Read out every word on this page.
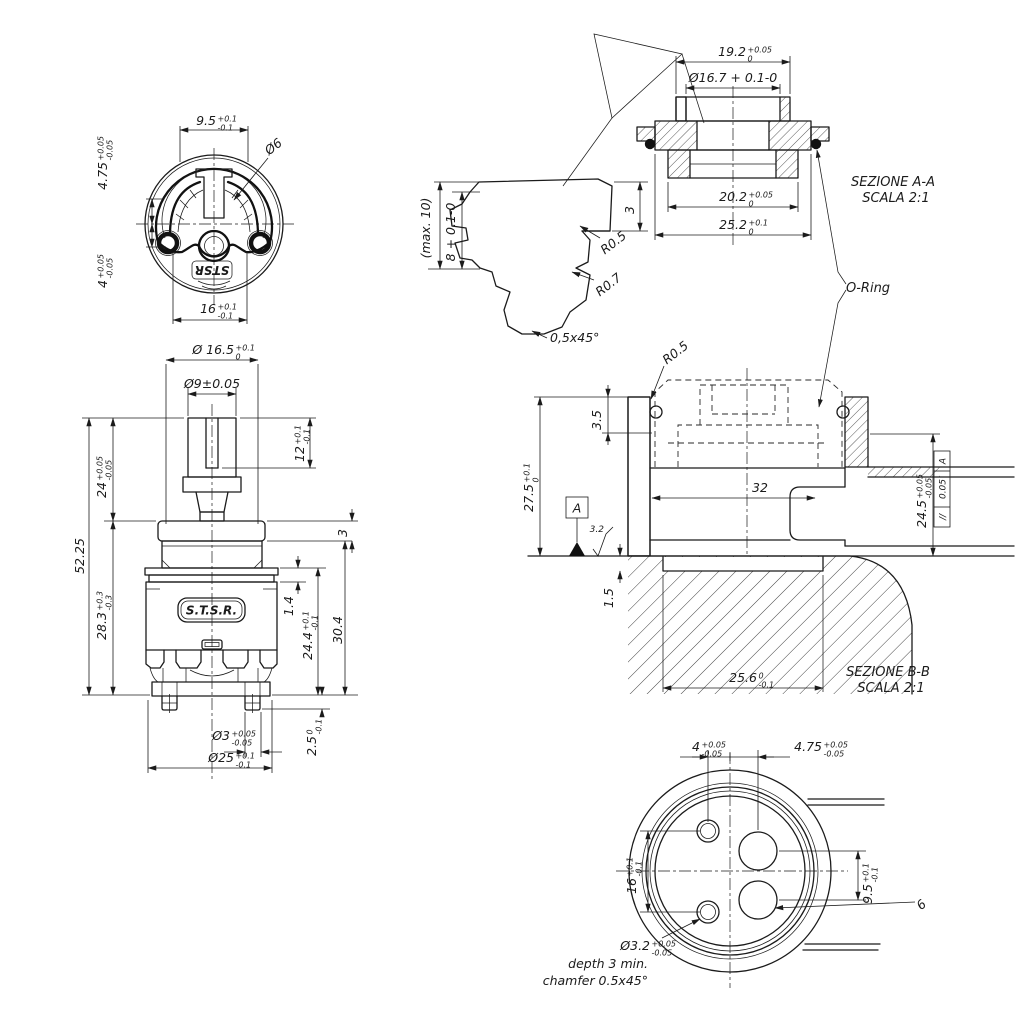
STSR
9.5 +0.1
-0.1
Ø6
4.75
+0.05 -0.05
4
+0.05 -0.05
16 +0.1
-0.1
S.T.S.R.
Ø 16.5 +0.1
0
Ø9±0.05
12
+0.1 -0.1
52.25
24
+0.05 -0.05
28.3
+0.3 -0.3
3
1.4
24.4
+0.1 -0.1 30.4
2.5
0 -0.1
Ø3 +0.05
-0.05
Ø25 +0.1
-0.1
(max. 10) 8 + 0.1-0	3
R0.5
R0.7
0,5x45°
19.2 +0.05
0
Ø16.7 + 0.1-0
20.2 +0.05
0
25.2 +0.1
0
SEZIONE A-A
SCALA 2:1
O-Ring
R0.5
3.5
27.5
+0.1 0
1.5
32
25.6 0
-0.1
24.5
+0.05 -0.05
A
3.2
//
0.05
A
SEZIONE B-B
SCALA 2:1
4 +0.05
-0.05	4.75 +0.05
-0.05
16
+0.1 -0.1
9.5
+0.1 -0.1
6
Ø3.2 +0.05
-0.05
depth 3 min.
chamfer 0.5x45°
